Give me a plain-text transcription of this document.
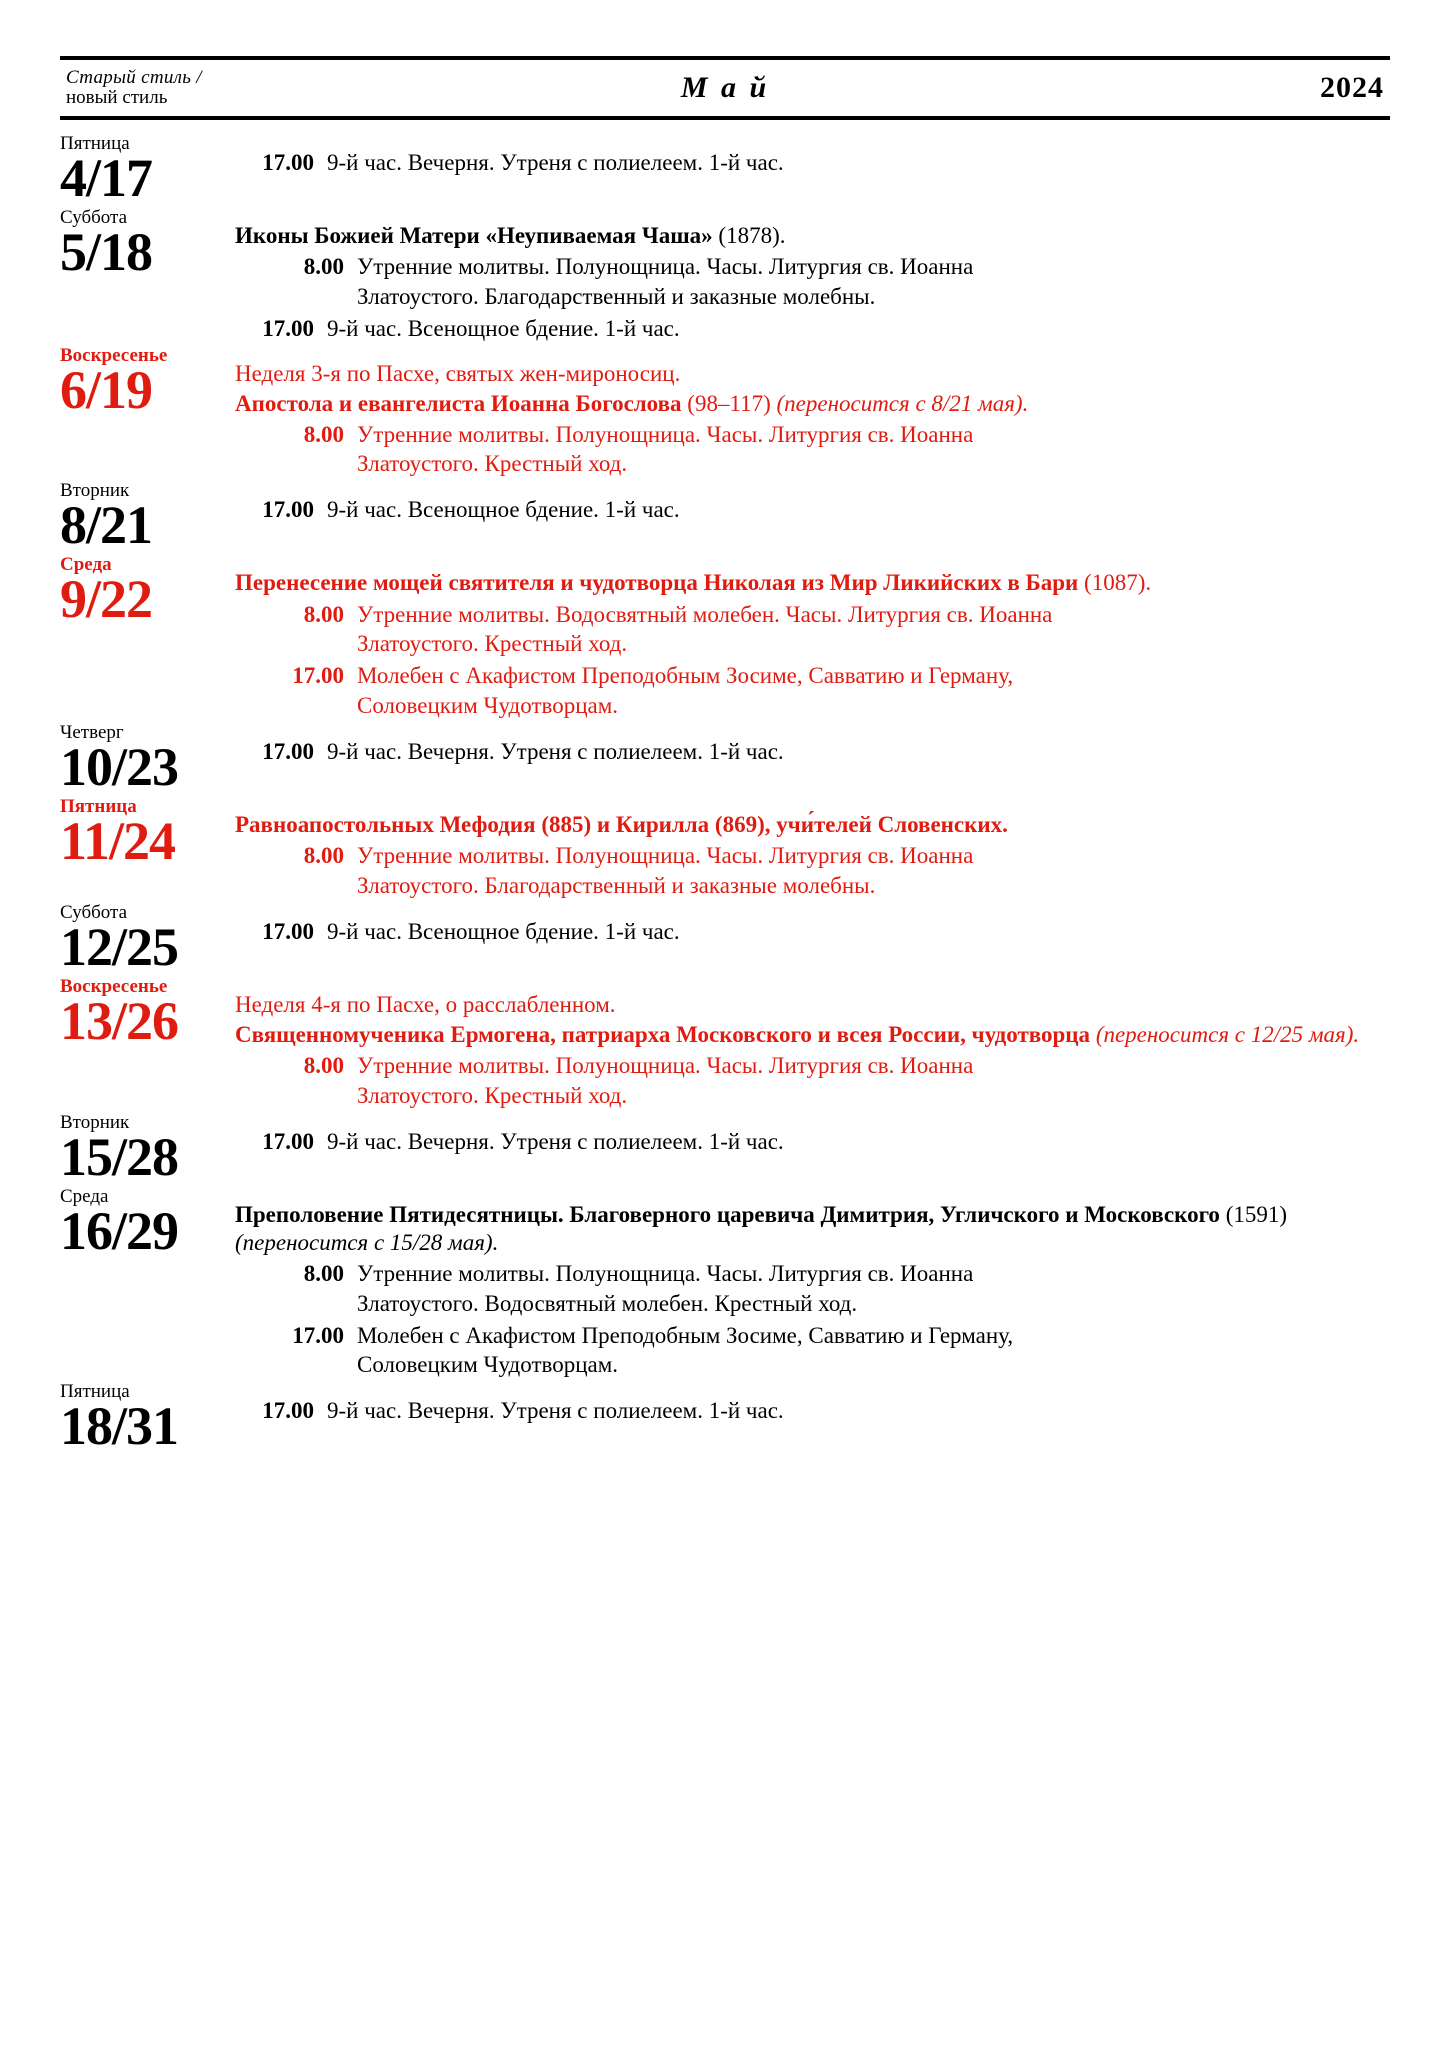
Старый стиль /
новый стиль	М а й	2024
Пятница
4/17	17.00 9-й час. Вечерня. Утреня с полиелеем. 1-й час.
Суббота
5/18	Иконы Божией Матери «Неупиваемая Чаша» (1878).
8.00 Утренние молитвы. Полунощница. Часы. Литургия св. Иоанна
Златоустого. Благодарственный и заказные молебны.
17.00 9-й час. Всенощное бдение. 1-й час.
Воскресенье
6/19	Неделя 3-я по Пасхе, святых жен-мироносиц.
Апостола и евангелиста Иоанна Богослова (98–117) (переносится с 8/21 мая).
8.00 Утренние молитвы. Полунощница. Часы. Литургия св. Иоанна
Златоустого. Крестный ход.
Вторник
8/21	17.00 9-й час. Всенощное бдение. 1-й час.
Среда
9/22	Перенесение мощей святителя и чудотворца Николая из Мир Ликийских в Бари (1087).
8.00 Утренние молитвы. Водосвятный молебен. Часы. Литургия св. Иоанна
Златоустого. Крестный ход.
17.00 Молебен с Акафистом Преподобным Зосиме, Савватию и Герману,
Соловецким Чудотворцам.
Четверг
10/23	17.00 9-й час. Вечерня. Утреня с полиелеем. 1-й час.
Пятница
11/24	Равноапостольных Мефодия (885) и Кирилла (869), учи́телей Словенских.
8.00 Утренние молитвы. Полунощница. Часы. Литургия св. Иоанна
Златоустого. Благодарственный и заказные молебны.
Суббота
12/25	17.00 9-й час. Всенощное бдение. 1-й час.
Воскресенье
13/26	Неделя 4-я по Пасхе, о расслабленном.
Священномученика Ермогена, патриарха Московского и всея России, чудотворца (переносится с 12/25 мая).
8.00 Утренние молитвы. Полунощница. Часы. Литургия св. Иоанна
Златоустого. Крестный ход.
Вторник
15/28	17.00 9-й час. Вечерня. Утреня с полиелеем. 1-й час.
Среда
16/29	Преполовение Пятидесятницы. Благоверного царевича Димитрия, Угличского и Московского (1591) (переносится с 15/28 мая).
8.00 Утренние молитвы. Полунощница. Часы. Литургия св. Иоанна
Златоустого. Водосвятный молебен. Крестный ход.
17.00 Молебен с Акафистом Преподобным Зосиме, Савватию и Герману,
Соловецким Чудотворцам.
Пятница
18/31	17.00 9-й час. Вечерня. Утреня с полиелеем. 1-й час.
